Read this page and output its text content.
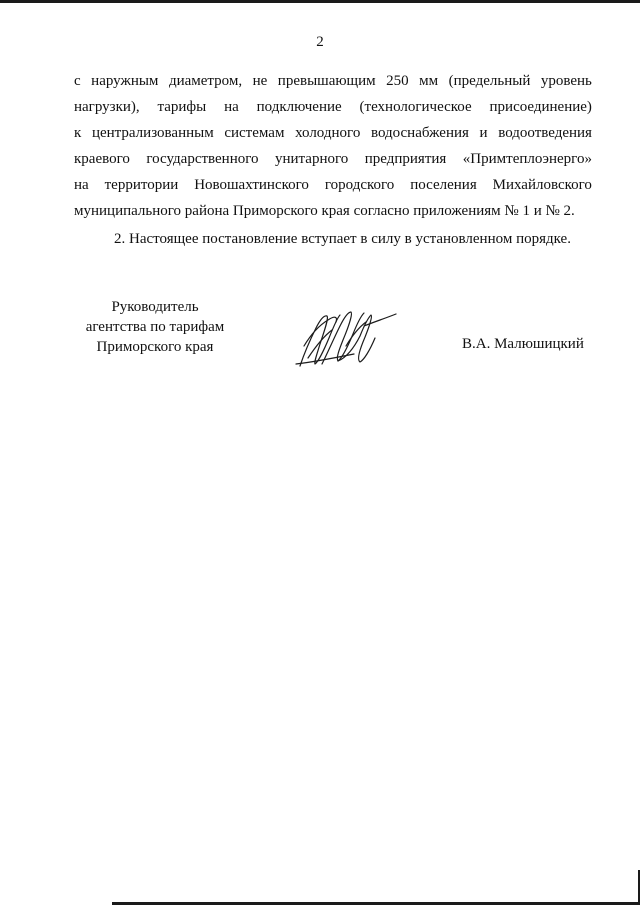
2
с наружным диаметром, не превышающим 250 мм (предельный уровень
нагрузки), тарифы на подключение (технологическое присоединение)
к централизованным системам холодного водоснабжения и водоотведения
краевого государственного унитарного предприятия «Примтеплоэнерго»
на территории Новошахтинского городского поселения Михайловского
муниципального района Приморского края согласно приложениям № 1 и № 2.
2. Настоящее постановление вступает в силу в установленном порядке.
Руководитель
агентства по тарифам
Приморского края	В.А. Малюшицкий
